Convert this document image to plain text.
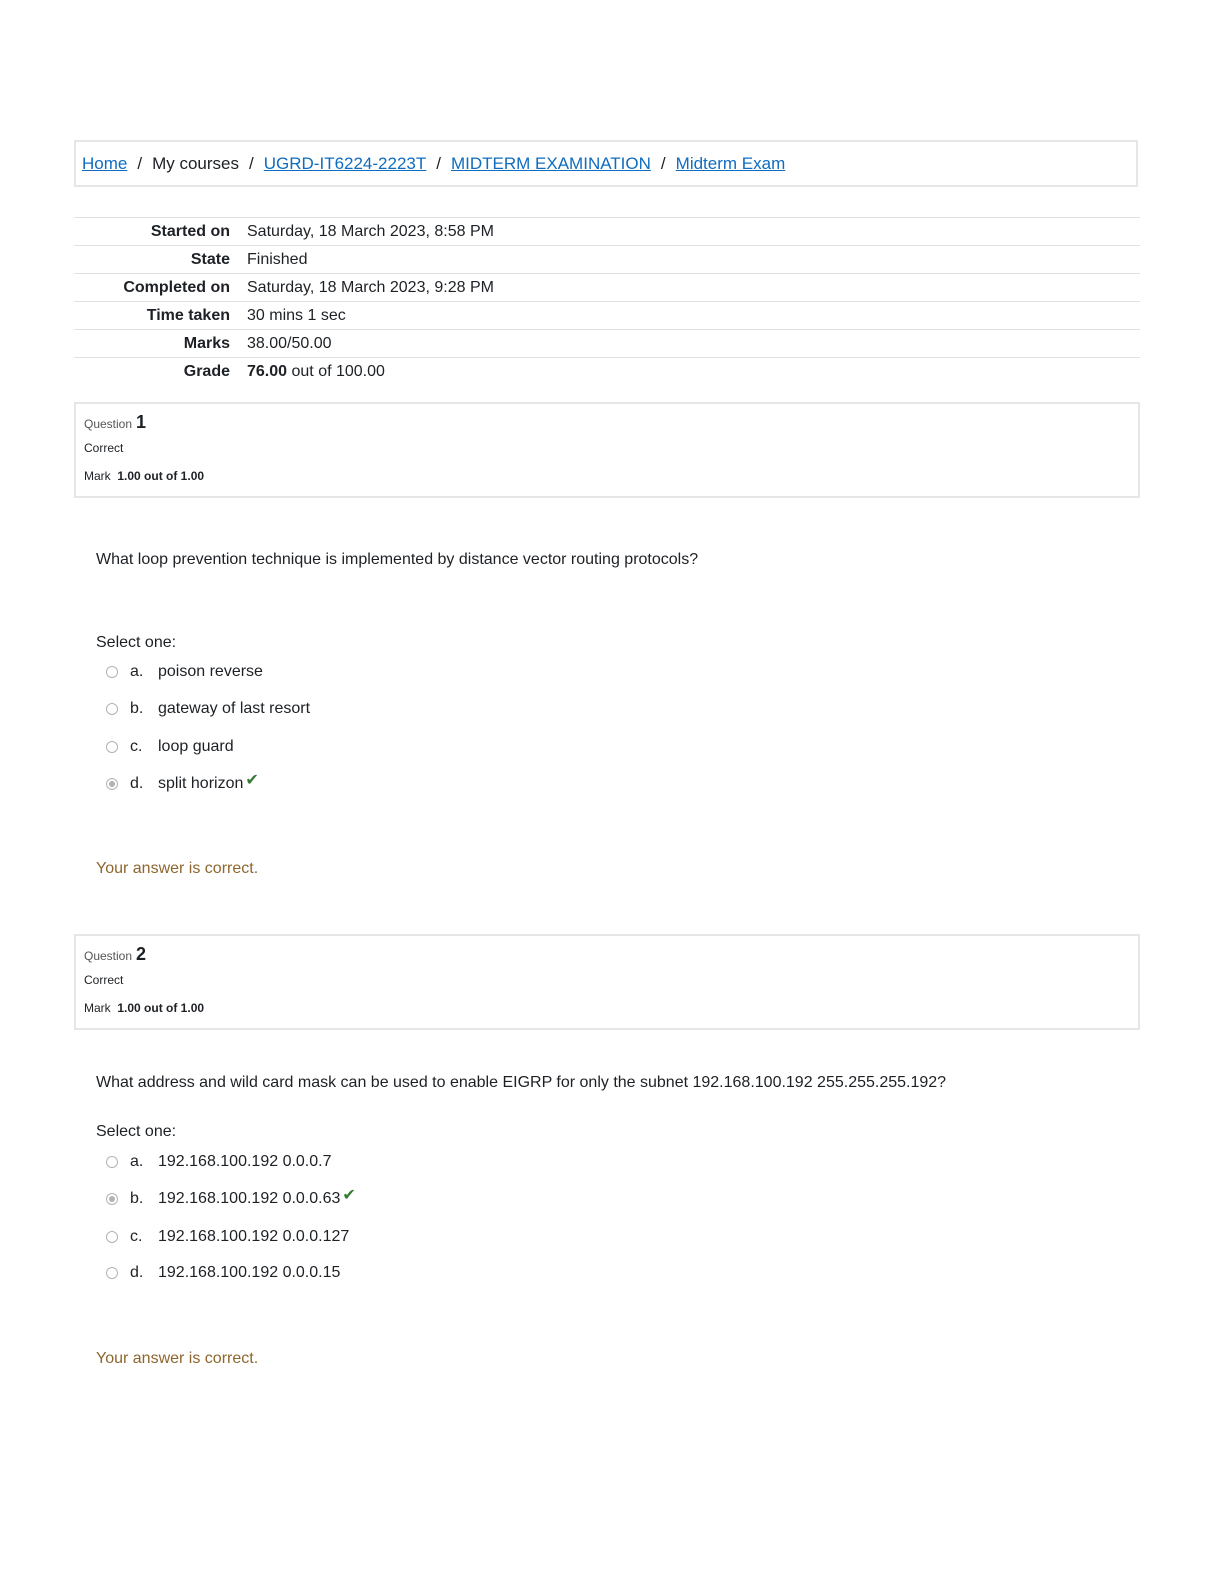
Home / My courses / UGRD-IT6224-2223T / MIDTERM EXAMINATION / Midterm Exam
Started on	Saturday, 18 March 2023, 8:58 PM
State	Finished
Completed on	Saturday, 18 March 2023, 9:28 PM
Time taken	30 mins 1 sec
Marks	38.00/50.00
Grade	76.00 out of 100.00
Question 1
Correct
Mark 1.00 out of 1.00
What loop prevention technique is implemented by distance vector routing protocols?
Select one:
a. poison reverse
b. gateway of last resort
c. loop guard
d. split horizon ✔
Your answer is correct.
Question 2
Correct
Mark 1.00 out of 1.00
What address and wild card mask can be used to enable EIGRP for only the subnet 192.168.100.192 255.255.255.192?
Select one:
a. 192.168.100.192 0.0.0.7
b. 192.168.100.192 0.0.0.63 ✔
c. 192.168.100.192 0.0.0.127
d. 192.168.100.192 0.0.0.15
Your answer is correct.
